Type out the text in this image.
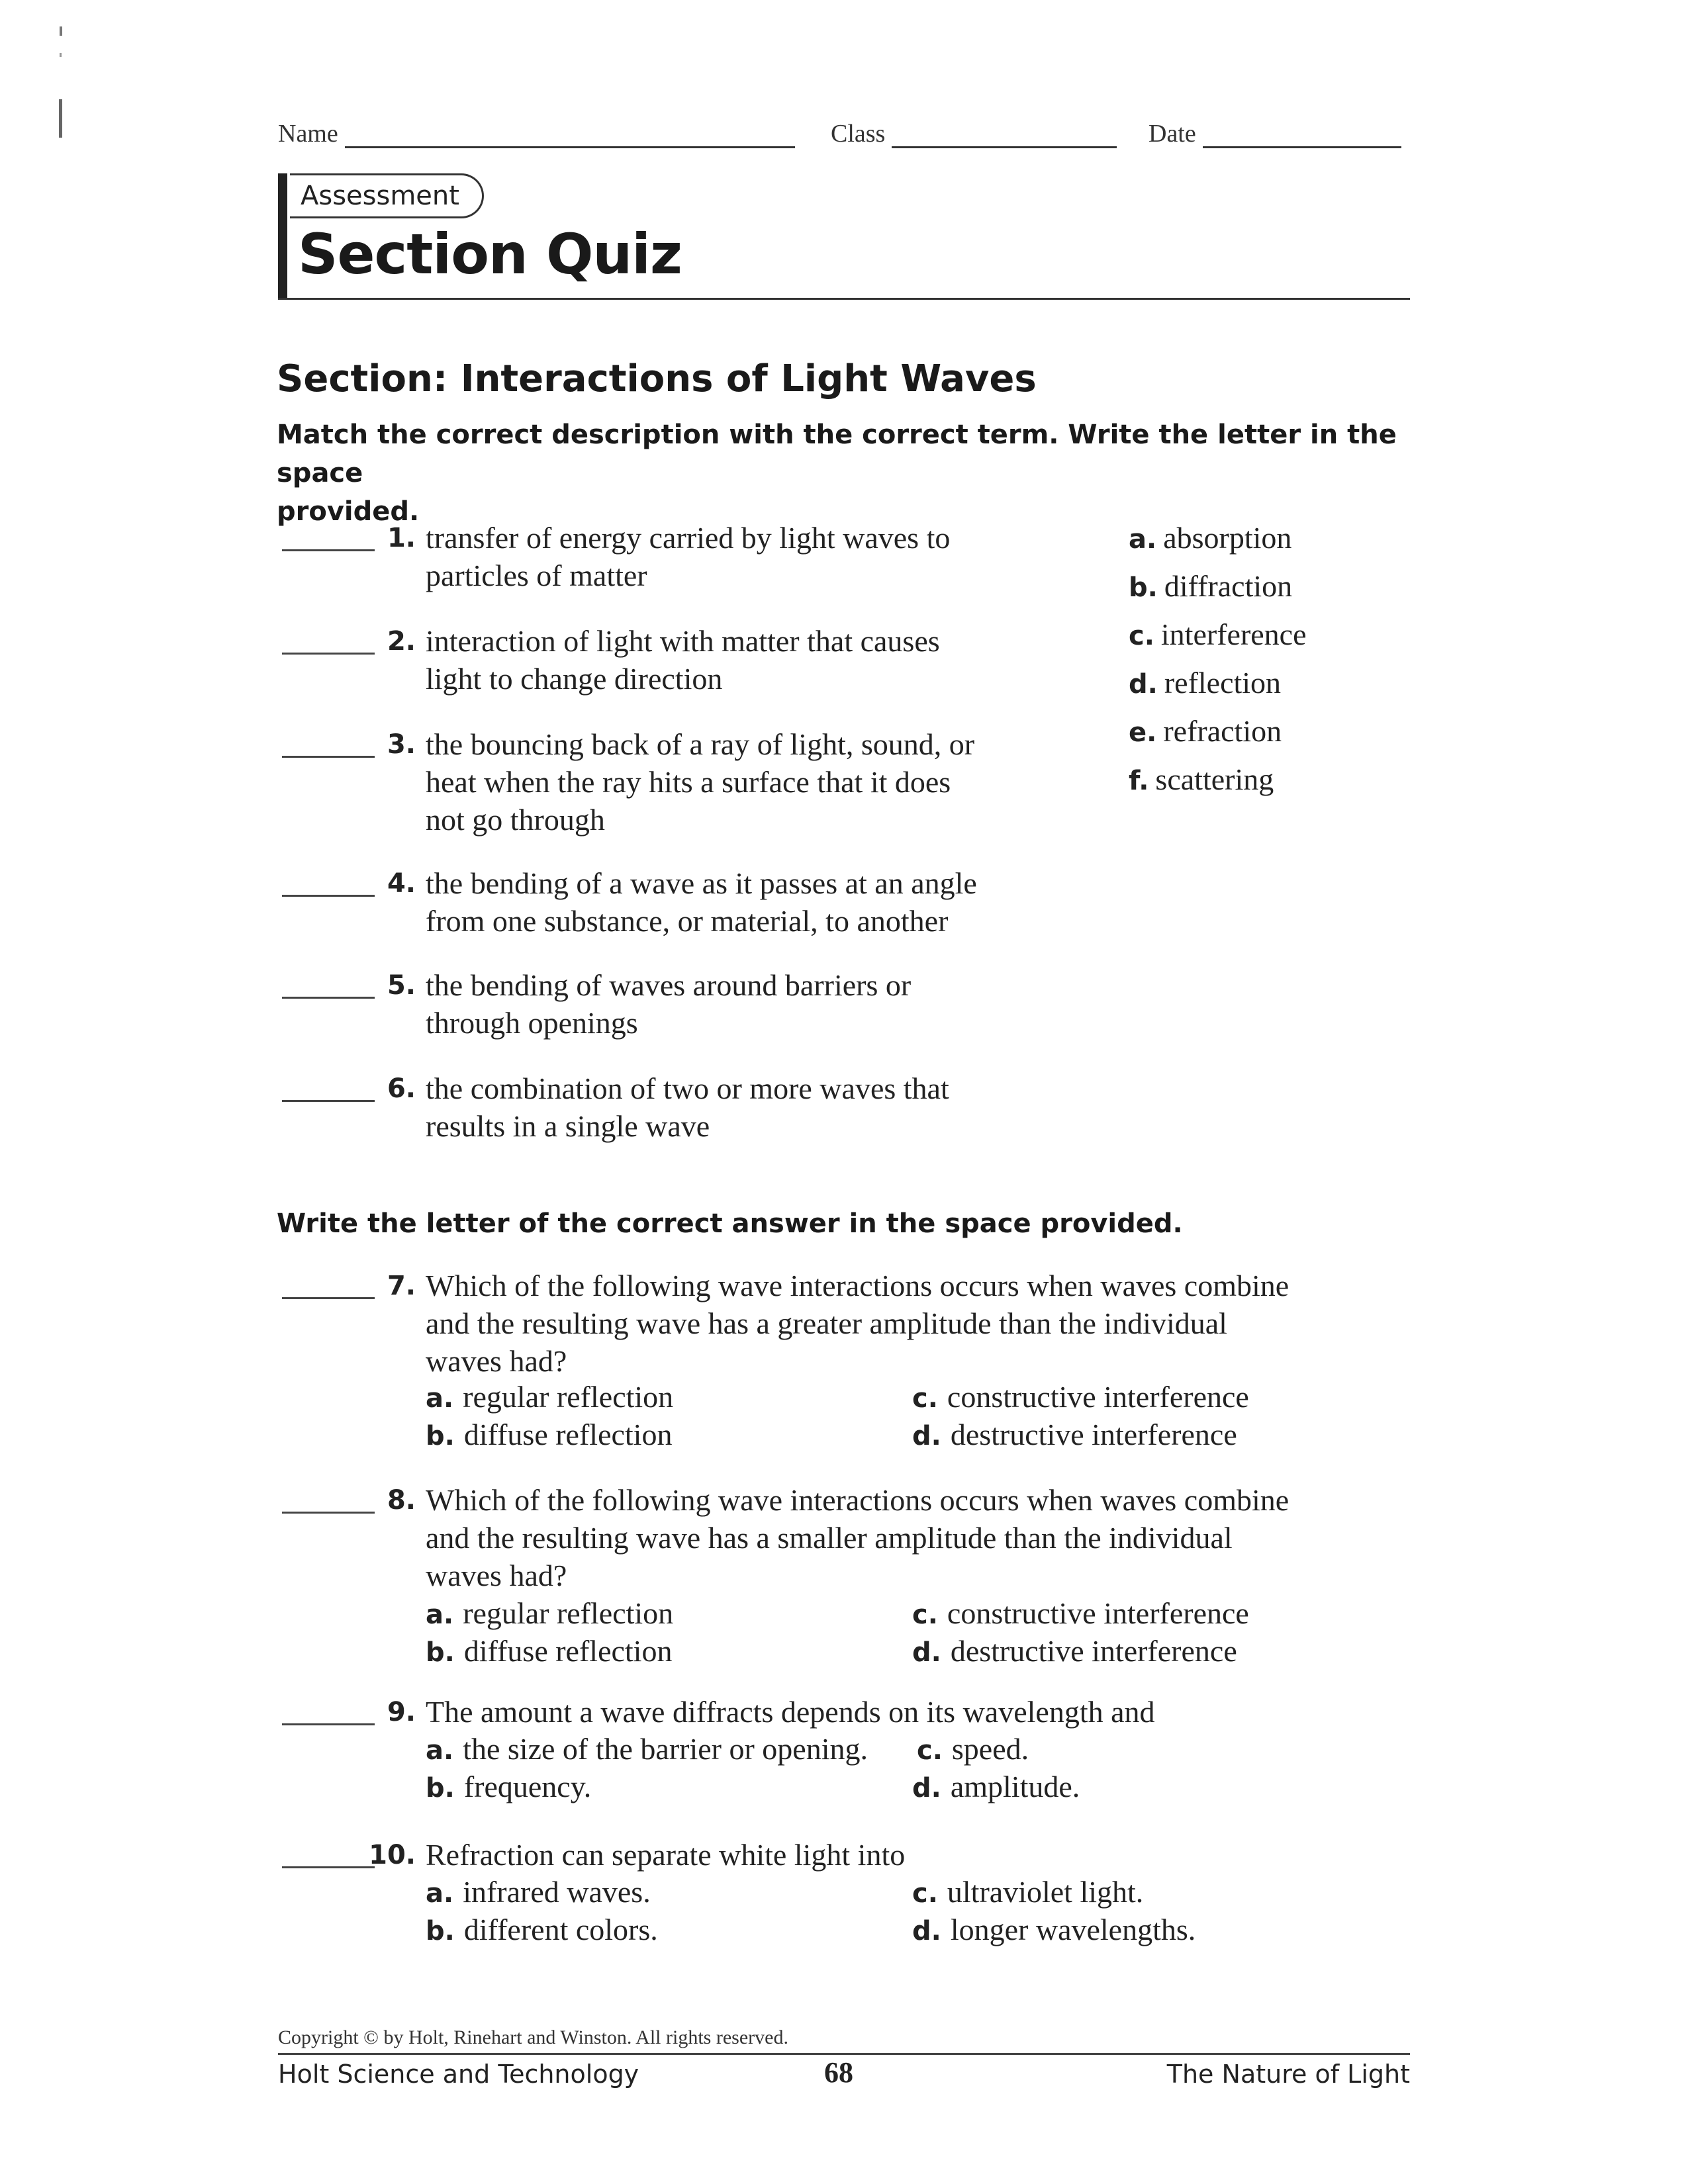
Name	Class	Date
Assessment
Section Quiz
Section: Interactions of Light Waves
Match the correct description with the correct term. Write the letter in the space
provided.
1. transfer of energy carried by light waves to
particles of matter
2. interaction of light with matter that causes
light to change direction
3. the bouncing back of a ray of light, sound, or
heat when the ray hits a surface that it does
not go through
4. the bending of a wave as it passes at an angle
from one substance, or material, to another
5. the bending of waves around barriers or
through openings
6. the combination of two or more waves that
results in a single wave
a. absorption
b. diffraction
c. interference
d. reflection
e. refraction
f. scattering
Write the letter of the correct answer in the space provided.
7. Which of the following wave interactions occurs when waves combine
and the resulting wave has a greater amplitude than the individual
waves had?
a. regular reflection
b. diffuse reflection
c. constructive interference
d. destructive interference
8. Which of the following wave interactions occurs when waves combine
and the resulting wave has a smaller amplitude than the individual
waves had?
a. regular reflection
b. diffuse reflection
c. constructive interference
d. destructive interference
9. The amount a wave diffracts depends on its wavelength and
a. the size of the barrier or opening.
b. frequency.
c. speed.
d. amplitude.
10. Refraction can separate white light into
a. infrared waves.
b. different colors.
c. ultraviolet light.
d. longer wavelengths.
Copyright © by Holt, Rinehart and Winston. All rights reserved.
Holt Science and Technology	68	The Nature of Light
